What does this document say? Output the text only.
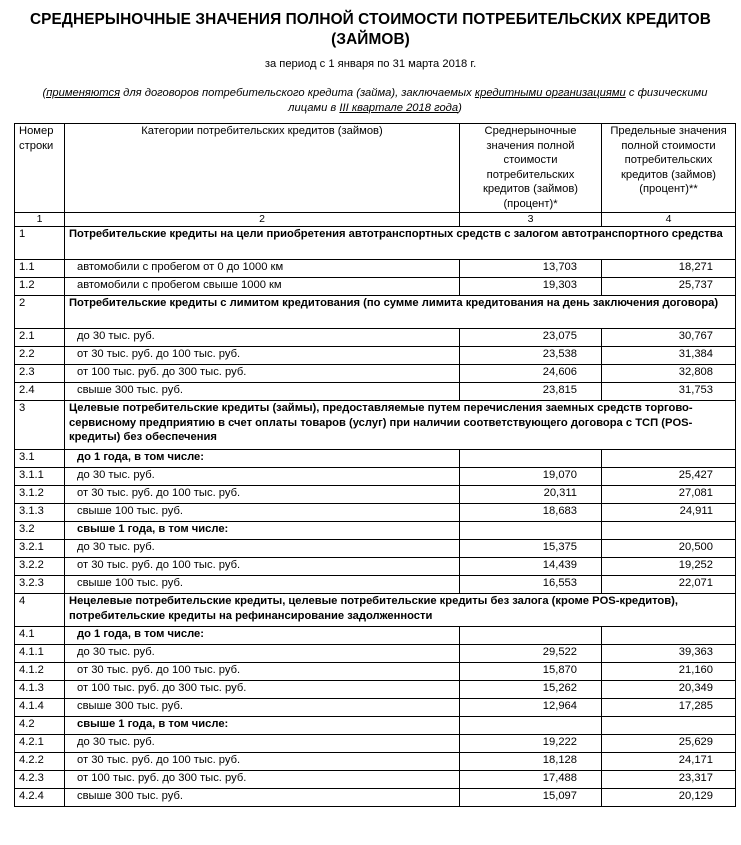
СРЕДНЕРЫНОЧНЫЕ ЗНАЧЕНИЯ ПОЛНОЙ СТОИМОСТИ ПОТРЕБИТЕЛЬСКИХ КРЕДИТОВ (ЗАЙМОВ)
за период с 1 января по 31 марта 2018 г.
(применяются для договоров потребительского кредита (займа), заключаемых кредитными организациями с физическими лицами в III квартале 2018 года)
Номер строки	Категории потребительских кредитов (займов)	Среднерыночные значения полной стоимости потребительских кредитов (займов) (процент)*	Предельные значения полной стоимости потребительских кредитов (займов) (процент)**
1	2	3	4
1	Потребительские кредиты на цели приобретения автотранспортных средств с залогом автотранспортного средства		
1.1	автомобили с пробегом от 0 до 1000 км	13,703	18,271
1.2	автомобили с пробегом свыше 1000 км	19,303	25,737
2	Потребительские кредиты с лимитом кредитования (по сумме лимита кредитования на день заключения договора)		
2.1	до 30 тыс. руб.	23,075	30,767
2.2	от 30 тыс. руб. до 100 тыс. руб.	23,538	31,384
2.3	от 100 тыс. руб. до 300 тыс. руб.	24,606	32,808
2.4	свыше 300 тыс. руб.	23,815	31,753
3	Целевые потребительские кредиты (займы), предоставляемые путем перечисления заемных средств торгово-сервисному предприятию в счет оплаты товаров (услуг) при наличии соответствующего договора с ТСП (POS-кредиты) без обеспечения		
3.1	до 1 года, в том числе:		
3.1.1	до 30 тыс. руб.	19,070	25,427
3.1.2	от 30 тыс. руб. до 100 тыс. руб.	20,311	27,081
3.1.3	свыше 100 тыс. руб.	18,683	24,911
3.2	свыше 1 года, в том числе:		
3.2.1	до 30 тыс. руб.	15,375	20,500
3.2.2	от 30 тыс. руб. до 100 тыс. руб.	14,439	19,252
3.2.3	свыше 100 тыс. руб.	16,553	22,071
4	Нецелевые потребительские кредиты, целевые потребительские кредиты без залога (кроме POS-кредитов), потребительские кредиты на рефинансирование задолженности		
4.1	до 1 года, в том числе:		
4.1.1	до 30 тыс. руб.	29,522	39,363
4.1.2	от 30 тыс. руб. до 100 тыс. руб.	15,870	21,160
4.1.3	от 100 тыс. руб. до 300 тыс. руб.	15,262	20,349
4.1.4	свыше 300 тыс. руб.	12,964	17,285
4.2	свыше 1 года, в том числе:		
4.2.1	до 30 тыс. руб.	19,222	25,629
4.2.2	от 30 тыс. руб. до 100 тыс. руб.	18,128	24,171
4.2.3	от 100 тыс. руб. до 300 тыс. руб.	17,488	23,317
4.2.4	свыше 300 тыс. руб.	15,097	20,129
